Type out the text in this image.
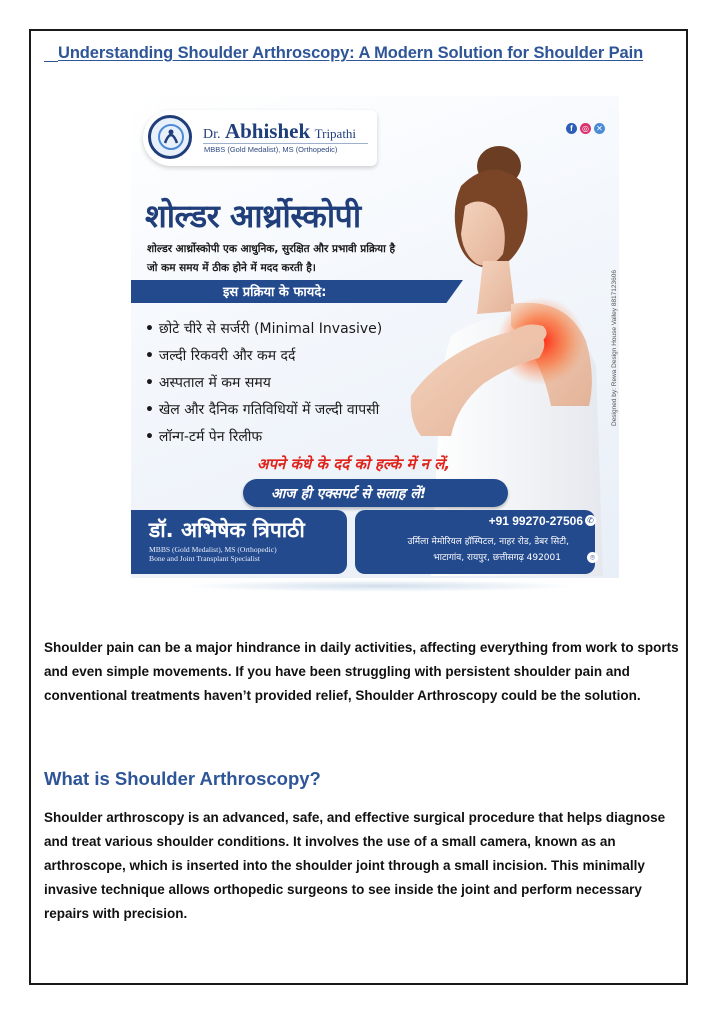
Understanding Shoulder Arthroscopy: A Modern Solution for Shoulder Pain
Dr. Abhishek Tripathi
MBBS (Gold Medalist), MS (Orthopedic)
f	◎ ✕
शोल्डर आर्थ्रोस्कोपी
शोल्डर आर्थ्रोस्कोपी एक आधुनिक, सुरक्षित और प्रभावी प्रक्रिया है
जो कम समय में ठीक होने में मदद करती है।
इस प्रक्रिया के फायदे:
• छोटे चीरे से सर्जरी (Minimal Invasive)
• जल्दी रिकवरी और कम दर्द
• अस्पताल में कम समय
• खेल और दैनिक गतिविधियों में जल्दी वापसी
• लॉन्ग-टर्म पेन रिलीफ
अपने कंधे के दर्द को हल्के में न लें,
आज ही एक्सपर्ट से सलाह लें!
डॉ. अभिषेक त्रिपाठी
MBBS (Gold Medalist), MS (Orthopedic)
Bone and Joint Transplant Specialist
+91 99270-27506 ✆
उर्मिला मेमोरियल हॉस्पिटल, नाहर रोड, डेबर सिटी,
भाटागांव, रायपुर, छत्तीसगढ़ 492001	⌾
Designed by: Rewa Design House Valley 8817123606
Shoulder pain can be a major hindrance in daily activities, affecting everything from work to sports and even simple movements. If you have been struggling with persistent shoulder pain and conventional treatments haven’t provided relief, Shoulder Arthroscopy could be the solution.
What is Shoulder Arthroscopy?
Shoulder arthroscopy is an advanced, safe, and effective surgical procedure that helps diagnose and treat various shoulder conditions. It involves the use of a small camera, known as an arthroscope, which is inserted into the shoulder joint through a small incision. This minimally invasive technique allows orthopedic surgeons to see inside the joint and perform necessary repairs with precision.
